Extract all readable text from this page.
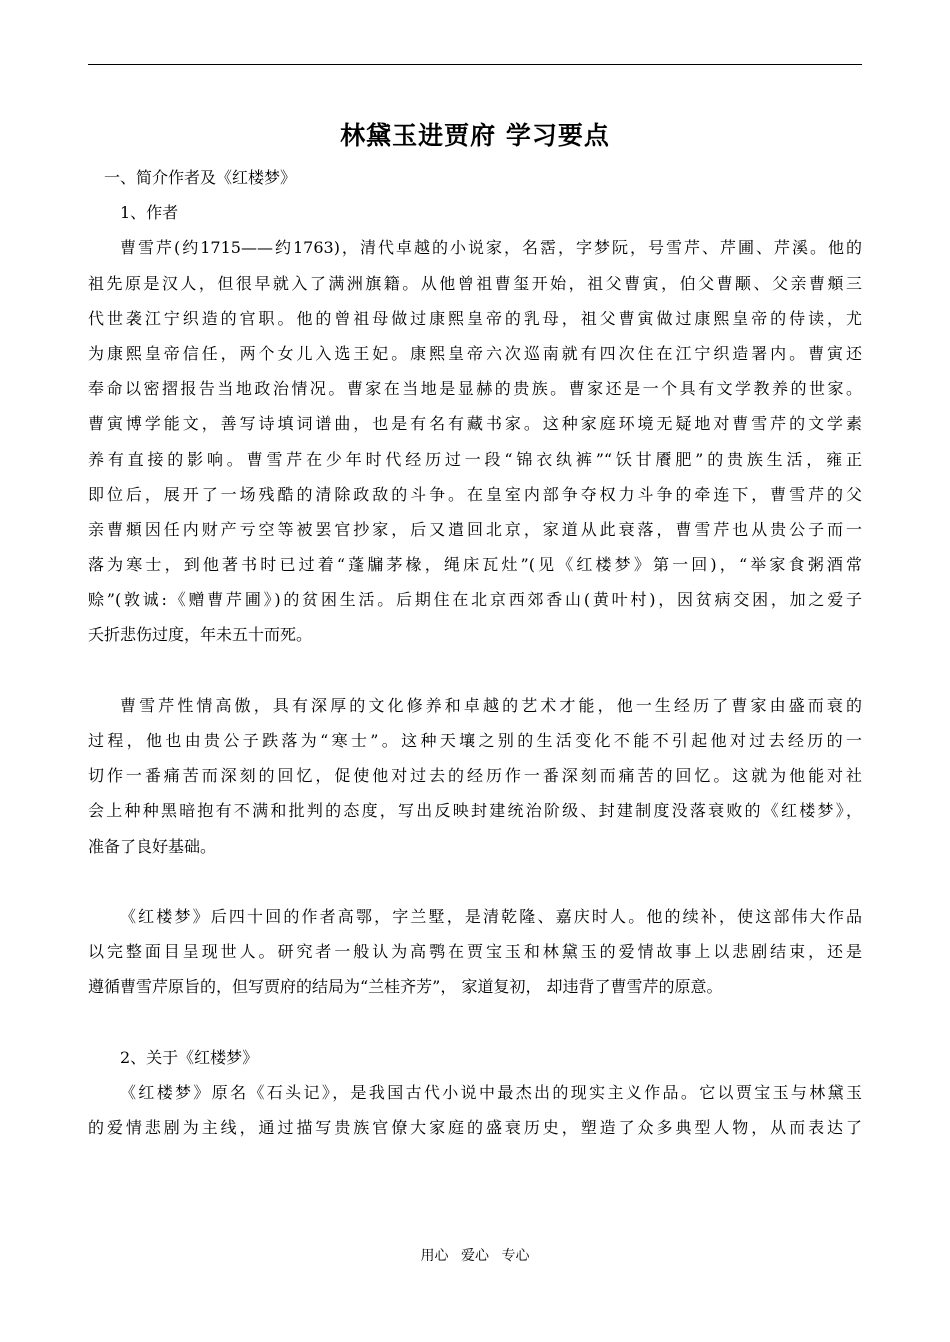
林黛玉进贾府 学习要点
一、简介作者及《红楼梦》
1、作者
曹雪芹(约1715——约1763)，清代卓越的小说家，名霑，字梦阮，号雪芹、芹圃、芹溪。他的
祖先原是汉人，但很早就入了满洲旗籍。从他曾祖曹玺开始，祖父曹寅，伯父曹颙、父亲曹頫三
代世袭江宁织造的官职。他的曾祖母做过康熙皇帝的乳母，祖父曹寅做过康熙皇帝的侍读，尤
为康熙皇帝信任，两个女儿入选王妃。康熙皇帝六次巡南就有四次住在江宁织造署内。曹寅还
奉命以密摺报告当地政治情况。曹家在当地是显赫的贵族。曹家还是一个具有文学教养的世家。
曹寅博学能文，善写诗填词谱曲，也是有名有藏书家。这种家庭环境无疑地对曹雪芹的文学素
养有直接的影响。曹雪芹在少年时代经历过一段“锦衣纨裤”“饫甘餍肥”的贵族生活，雍正
即位后，展开了一场残酷的清除政敌的斗争。在皇室内部争夺权力斗争的牵连下，曹雪芹的父
亲曹頫因任内财产亏空等被罢官抄家，后又遣回北京，家道从此衰落，曹雪芹也从贵公子而一
落为寒士，到他著书时已过着“蓬牖茅椽，绳床瓦灶”(见《红楼梦》第一回)，“举家食粥酒常
赊”(敦诚:《赠曹芹圃》)的贫困生活。后期住在北京西郊香山(黄叶村)，因贫病交困，加之爱子
夭折悲伤过度，年未五十而死。
曹雪芹性情高傲，具有深厚的文化修养和卓越的艺术才能，他一生经历了曹家由盛而衰的
过程，他也由贵公子跌落为“寒士”。这种天壤之别的生活变化不能不引起他对过去经历的一
切作一番痛苦而深刻的回忆，促使他对过去的经历作一番深刻而痛苦的回忆。这就为他能对社
会上种种黑暗抱有不满和批判的态度，写出反映封建统治阶级、封建制度没落衰败的《红楼梦》，
准备了良好基础。
《红楼梦》后四十回的作者高鄂，字兰墅，是清乾隆、嘉庆时人。他的续补，使这部伟大作品
以完整面目呈现世人。研究者一般认为高鹗在贾宝玉和林黛玉的爱情故事上以悲剧结束，还是
遵循曹雪芹原旨的，但写贾府的结局为“兰桂齐芳”， 家道复初， 却违背了曹雪芹的原意。
2、关于《红楼梦》
《红楼梦》原名《石头记》，是我国古代小说中最杰出的现实主义作品。它以贾宝玉与林黛玉
的爱情悲剧为主线，通过描写贵族官僚大家庭的盛衰历史，塑造了众多典型人物，从而表达了
用心 爱心 专心
